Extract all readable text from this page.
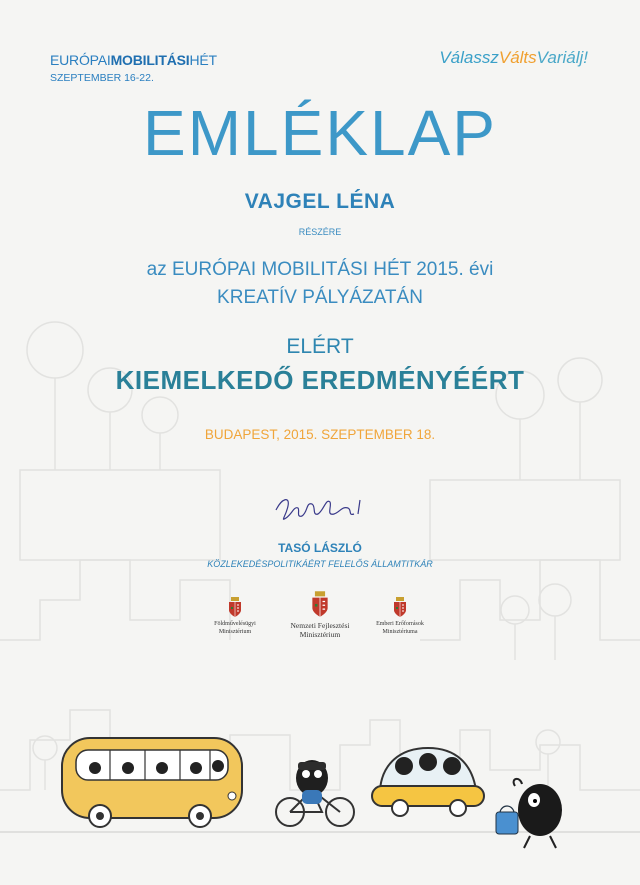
EURÓPAIMOBILITÁSIHÉT
SZEPTEMBER 16-22.
VálasszVáltsVariálj!
EMLÉKLAP
VAJGEL LÉNA
RÉSZÉRE
az EURÓPAI MOBILITÁSI HÉT 2015. évi
KREATÍV PÁLYÁZATÁN
ELÉRT
KIEMELKEDŐ EREDMÉNYÉÉRT
BUDAPEST, 2015. SZEPTEMBER 18.
TASÓ LÁSZLÓ
KÖZLEKEDÉSPOLITIKÁÉRT FELELŐS ÁLLAMTITKÁR
Földművelésügyi
Minisztérium
Nemzeti Fejlesztési
Minisztérium
Emberi Erőforrások
Minisztériuma
